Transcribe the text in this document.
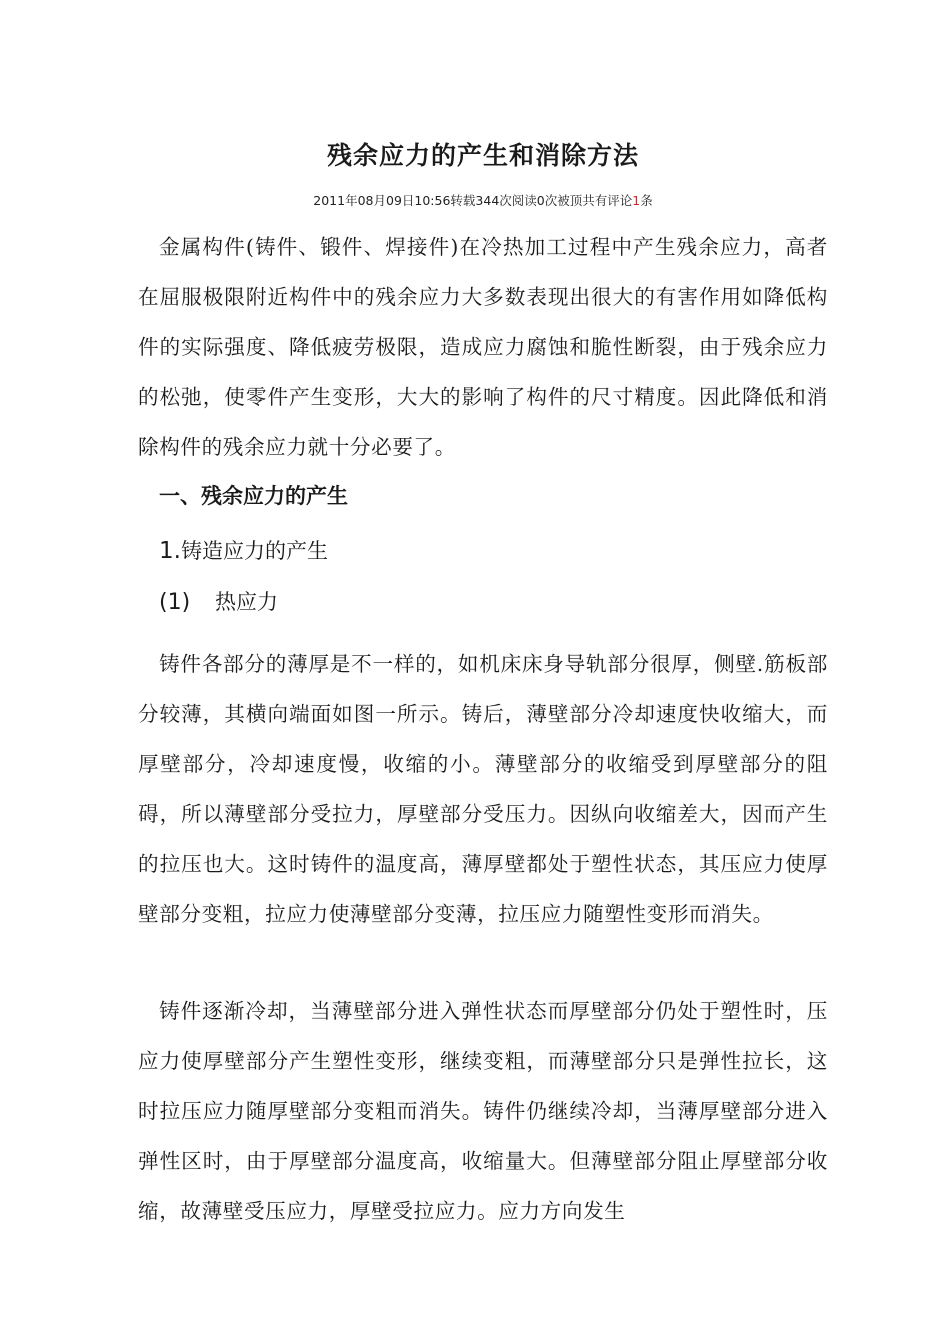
残余应力的产生和消除方法
2011年08月09日10:56转载344次阅读0次被顶共有评论1条
金属构件(铸件、锻件、焊接件)在冷热加工过程中产生残余应力，高者在屈服极限附近构件中的残余应力大多数表现出很大的有害作用如降低构件的实际强度、降低疲劳极限，造成应力腐蚀和脆性断裂，由于残余应力的松弛，使零件产生变形，大大的影响了构件的尺寸精度。因此降低和消除构件的残余应力就十分必要了。
一、残余应力的产生
1.铸造应力的产生
(1) 热应力
铸件各部分的薄厚是不一样的，如机床床身导轨部分很厚，侧壁.筋板部分较薄，其横向端面如图一所示。铸后，薄壁部分冷却速度快收缩大，而厚壁部分，冷却速度慢，收缩的小。薄壁部分的收缩受到厚壁部分的阻碍，所以薄壁部分受拉力，厚壁部分受压力。因纵向收缩差大，因而产生的拉压也大。这时铸件的温度高，薄厚壁都处于塑性状态，其压应力使厚壁部分变粗，拉应力使薄壁部分变薄，拉压应力随塑性变形而消失。
铸件逐渐冷却，当薄壁部分进入弹性状态而厚壁部分仍处于塑性时，压应力使厚壁部分产生塑性变形，继续变粗，而薄壁部分只是弹性拉长，这时拉压应力随厚壁部分变粗而消失。铸件仍继续冷却，当薄厚壁部分进入弹性区时，由于厚壁部分温度高，收缩量大。但薄壁部分阻止厚壁部分收缩，故薄壁受压应力，厚壁受拉应力。应力方向发生
